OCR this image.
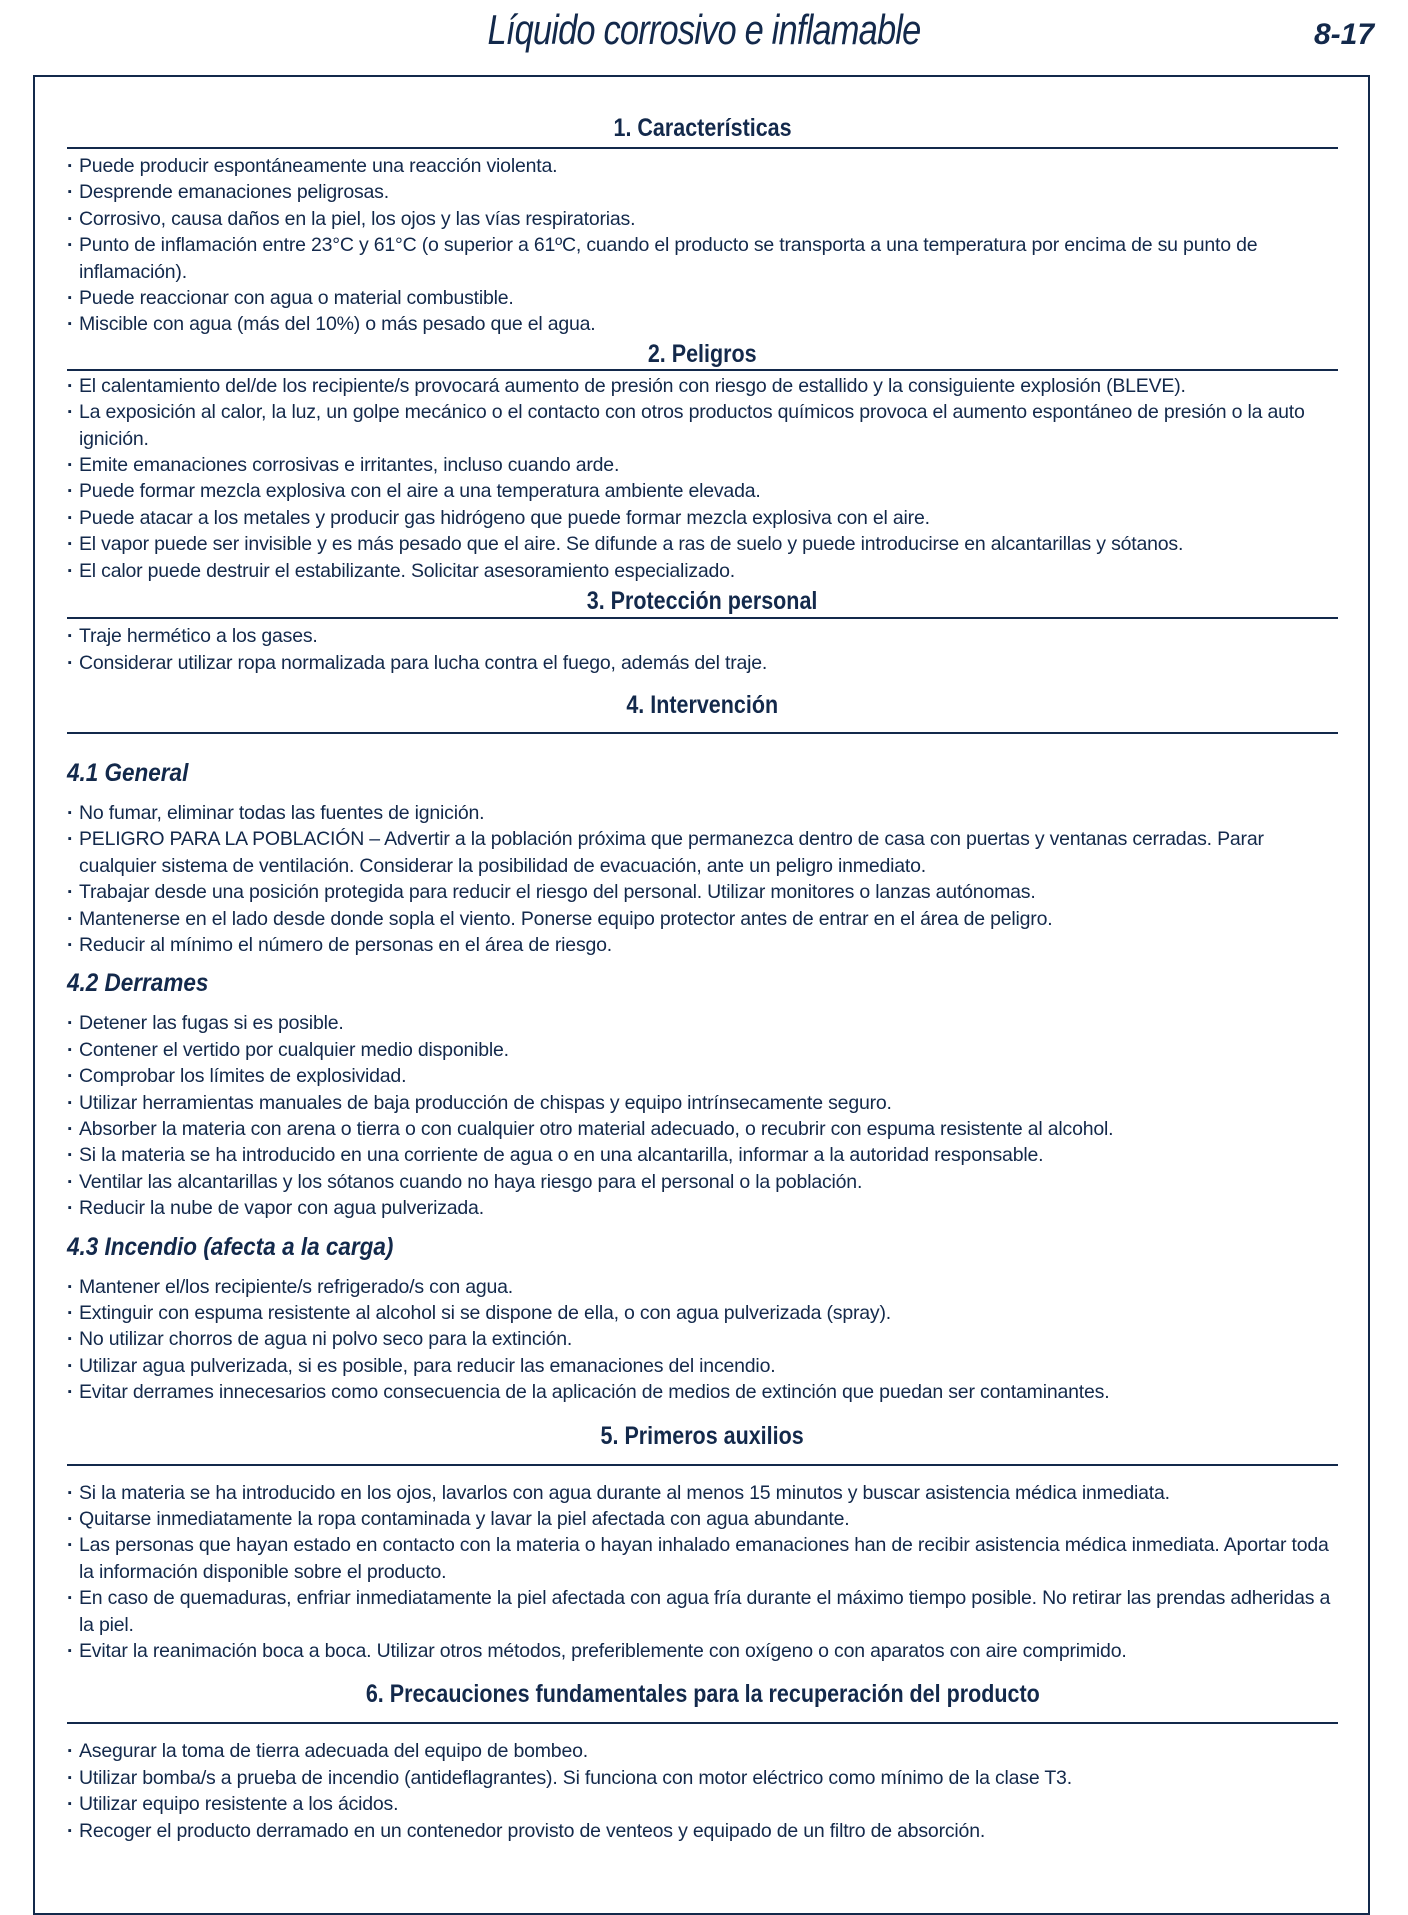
Líquido corrosivo e inflamable	8-17
1. Características
· Puede producir espontáneamente una reacción violenta.
· Desprende emanaciones peligrosas.
· Corrosivo, causa daños en la piel, los ojos y las vías respiratorias.
· Punto de inflamación entre 23°C y 61°C (o superior a 61ºC, cuando el producto se transporta a una temperatura por encima de su punto de inflamación).
· Puede reaccionar con agua o material combustible.
· Miscible con agua (más del 10%) o más pesado que el agua.
2. Peligros
· El calentamiento del/de los recipiente/s provocará aumento de presión con riesgo de estallido y la consiguiente explosión (BLEVE).
· La exposición al calor, la luz, un golpe mecánico o el contacto con otros productos químicos provoca el aumento espontáneo de presión o la auto ignición.
· Emite emanaciones corrosivas e irritantes, incluso cuando arde.
· Puede formar mezcla explosiva con el aire a una temperatura ambiente elevada.
· Puede atacar a los metales y producir gas hidrógeno que puede formar mezcla explosiva con el aire.
· El vapor puede ser invisible y es más pesado que el aire. Se difunde a ras de suelo y puede introducirse en alcantarillas y sótanos.
· El calor puede destruir el estabilizante. Solicitar asesoramiento especializado.
3. Protección personal
· Traje hermético a los gases.
· Considerar utilizar ropa normalizada para lucha contra el fuego, además del traje.
4. Intervención
4.1 General
· No fumar, eliminar todas las fuentes de ignición.
· PELIGRO PARA LA POBLACIÓN – Advertir a la población próxima que permanezca dentro de casa con puertas y ventanas cerradas. Parar cualquier sistema de ventilación. Considerar la posibilidad de evacuación, ante un peligro inmediato.
· Trabajar desde una posición protegida para reducir el riesgo del personal. Utilizar monitores o lanzas autónomas.
· Mantenerse en el lado desde donde sopla el viento. Ponerse equipo protector antes de entrar en el área de peligro.
· Reducir al mínimo el número de personas en el área de riesgo.
4.2 Derrames
· Detener las fugas si es posible.
· Contener el vertido por cualquier medio disponible.
· Comprobar los límites de explosividad.
· Utilizar herramientas manuales de baja producción de chispas y equipo intrínsecamente seguro.
· Absorber la materia con arena o tierra o con cualquier otro material adecuado, o recubrir con espuma resistente al alcohol.
· Si la materia se ha introducido en una corriente de agua o en una alcantarilla, informar a la autoridad responsable.
· Ventilar las alcantarillas y los sótanos cuando no haya riesgo para el personal o la población.
· Reducir la nube de vapor con agua pulverizada.
4.3 Incendio (afecta a la carga)
· Mantener el/los recipiente/s refrigerado/s con agua.
· Extinguir con espuma resistente al alcohol si se dispone de ella, o con agua pulverizada (spray).
· No utilizar chorros de agua ni polvo seco para la extinción.
· Utilizar agua pulverizada, si es posible, para reducir las emanaciones del incendio.
· Evitar derrames innecesarios como consecuencia de la aplicación de medios de extinción que puedan ser contaminantes.
5. Primeros auxilios
· Si la materia se ha introducido en los ojos, lavarlos con agua durante al menos 15 minutos y buscar asistencia médica inmediata.
· Quitarse inmediatamente la ropa contaminada y lavar la piel afectada con agua abundante.
· Las personas que hayan estado en contacto con la materia o hayan inhalado emanaciones han de recibir asistencia médica inmediata. Aportar toda la información disponible sobre el producto.
· En caso de quemaduras, enfriar inmediatamente la piel afectada con agua fría durante el máximo tiempo posible. No retirar las prendas adheridas a la piel.
· Evitar la reanimación boca a boca. Utilizar otros métodos, preferiblemente con oxígeno o con aparatos con aire comprimido.
6. Precauciones fundamentales para la recuperación del producto
· Asegurar la toma de tierra adecuada del equipo de bombeo.
· Utilizar bomba/s a prueba de incendio (antideflagrantes). Si funciona con motor eléctrico como mínimo de la clase T3.
· Utilizar equipo resistente a los ácidos.
· Recoger el producto derramado en un contenedor provisto de venteos y equipado de un filtro de absorción.
